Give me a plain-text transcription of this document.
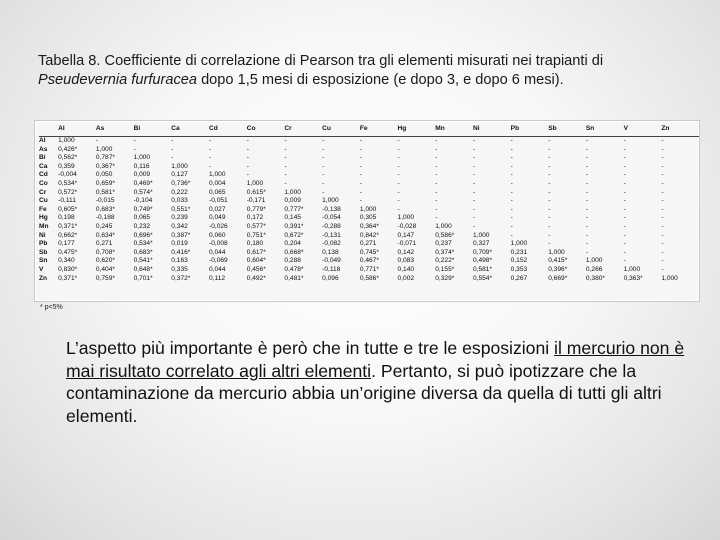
Tabella 8. Coefficiente di correlazione di Pearson tra gli elementi misurati nei trapianti di
Pseudevernia furfuracea dopo 1,5 mesi di esposizione (e dopo 3, e dopo 6 mesi).
	Al	As	Bi	Ca	Cd	Co	Cr	Cu	Fe	Hg	Mn	Ni	Pb	Sb	Sn	V	Zn
Al	1,000	-	-	-	-	-	-	-	-	-	-	-	-	-	-	-	-
As	0,426*	1,000	-	-	-	-	-	-	-	-	-	-	-	-	-	-	-
Bi	0,562*	0,787*	1,000	-	-	-	-	-	-	-	-	-	-	-	-	-	-
Ca	0,359	0,367*	0,116	1,000	-	-	-	-	-	-	-	-	-	-	-	-	-
Cd	-0,004	0,050	0,009	0,127	1,000	-	-	-	-	-	-	-	-	-	-	-	-
Co	0,534*	0,659*	0,469*	0,736*	0,004	1,000	-	-	-	-	-	-	-	-	-	-	-
Cr	0,572*	0,581*	0,574*	0,222	0,065	0,615*	1,000	-	-	-	-	-	-	-	-	-	-
Cu	-0,111	-0,015	-0,104	0,033	-0,051	-0,171	0,009	1,000	-	-	-	-	-	-	-	-	-
Fe	0,605*	0,683*	0,749*	0,551*	0,027	0,779*	0,777*	-0,138	1,000	-	-	-	-	-	-	-	-
Hg	0,198	-0,188	0,065	0,239	0,049	0,172	0,145	-0,054	0,305	1,000	-	-	-	-	-	-	-
Mn	0,371*	0,245	0,232	0,342	-0,026	0,577*	0,391*	-0,288	0,364*	-0,028	1,000	-	-	-	-	-	-
Ni	0,662*	0,634*	0,696*	0,387*	0,060	0,751*	0,672*	-0,131	0,842*	0,147	0,586*	1,000	-	-	-	-	-
Pb	0,177	0,271	0,534*	0,019	-0,008	0,180	0,204	-0,082	0,271	-0,071	0,237	0,327	1,000	-	-	-	-
Sb	0,475*	0,708*	0,683*	0,416*	0,044	0,617*	0,668*	0,138	0,745*	0,142	0,374*	0,709*	0,231	1,000	-	-	-
Sn	0,340	0,620*	0,541*	0,163	-0,069	0,604*	0,288	-0,049	0,467*	0,083	0,222*	0,498*	0,152	0,415*	1,000	-	-
V	0,830*	0,404*	0,648*	0,335	0,044	0,456*	0,478*	-0,118	0,771*	0,140	0,155*	0,581*	0,353	0,396*	0,266	1,000	-
Zn	0,371*	0,759*	0,701*	0,372*	0,112	0,492*	0,481*	0,096	0,586*	0,002	0,329*	0,554*	0,267	0,669*	0,380*	0,363*	1,000
* p<5%
L’aspetto più importante è però che in tutte e tre le esposizioni il mercurio non è mai risultato correlato agli altri elementi. Pertanto, si può ipotizzare che la contaminazione da mercurio abbia un’origine diversa da quella di tutti gli altri elementi.
